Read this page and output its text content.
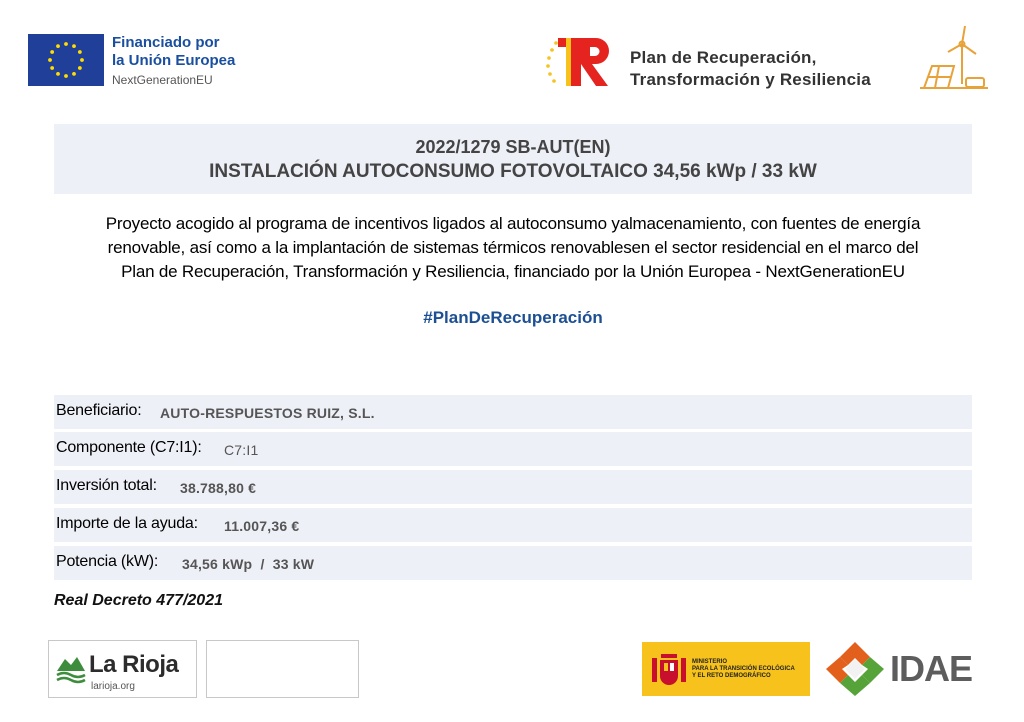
Financiado por
la Unión Europea
NextGenerationEU
Plan de Recuperación,
Transformación y Resiliencia
2022/1279 SB-AUT(EN)
INSTALACIÓN AUTOCONSUMO FOTOVOLTAICO 34,56 kWp / 33 kW
Proyecto acogido al programa de incentivos ligados al autoconsumo yalmacenamiento, con fuentes de energía
renovable, así como a la implantación de sistemas térmicos renovablesen el sector residencial en el marco del
Plan de Recuperación, Transformación y Resiliencia, financiado por la Unión Europea - NextGenerationEU
#PlanDeRecuperación
Beneficiario: AUTO-RESPUESTOS RUIZ, S.L.
Componente (C7:I1): C7:I1
Inversión total: 38.788,80 €
Importe de la ayuda: 11.007,36 €
Potencia (kW): 34,56 kWp  /  33 kW
Real Decreto 477/2021
La Rioja
larioja.org
MINISTERIO
PARA LA TRANSICIÓN ECOLÓGICA
Y EL RETO DEMOGRÁFICO	IDAE
